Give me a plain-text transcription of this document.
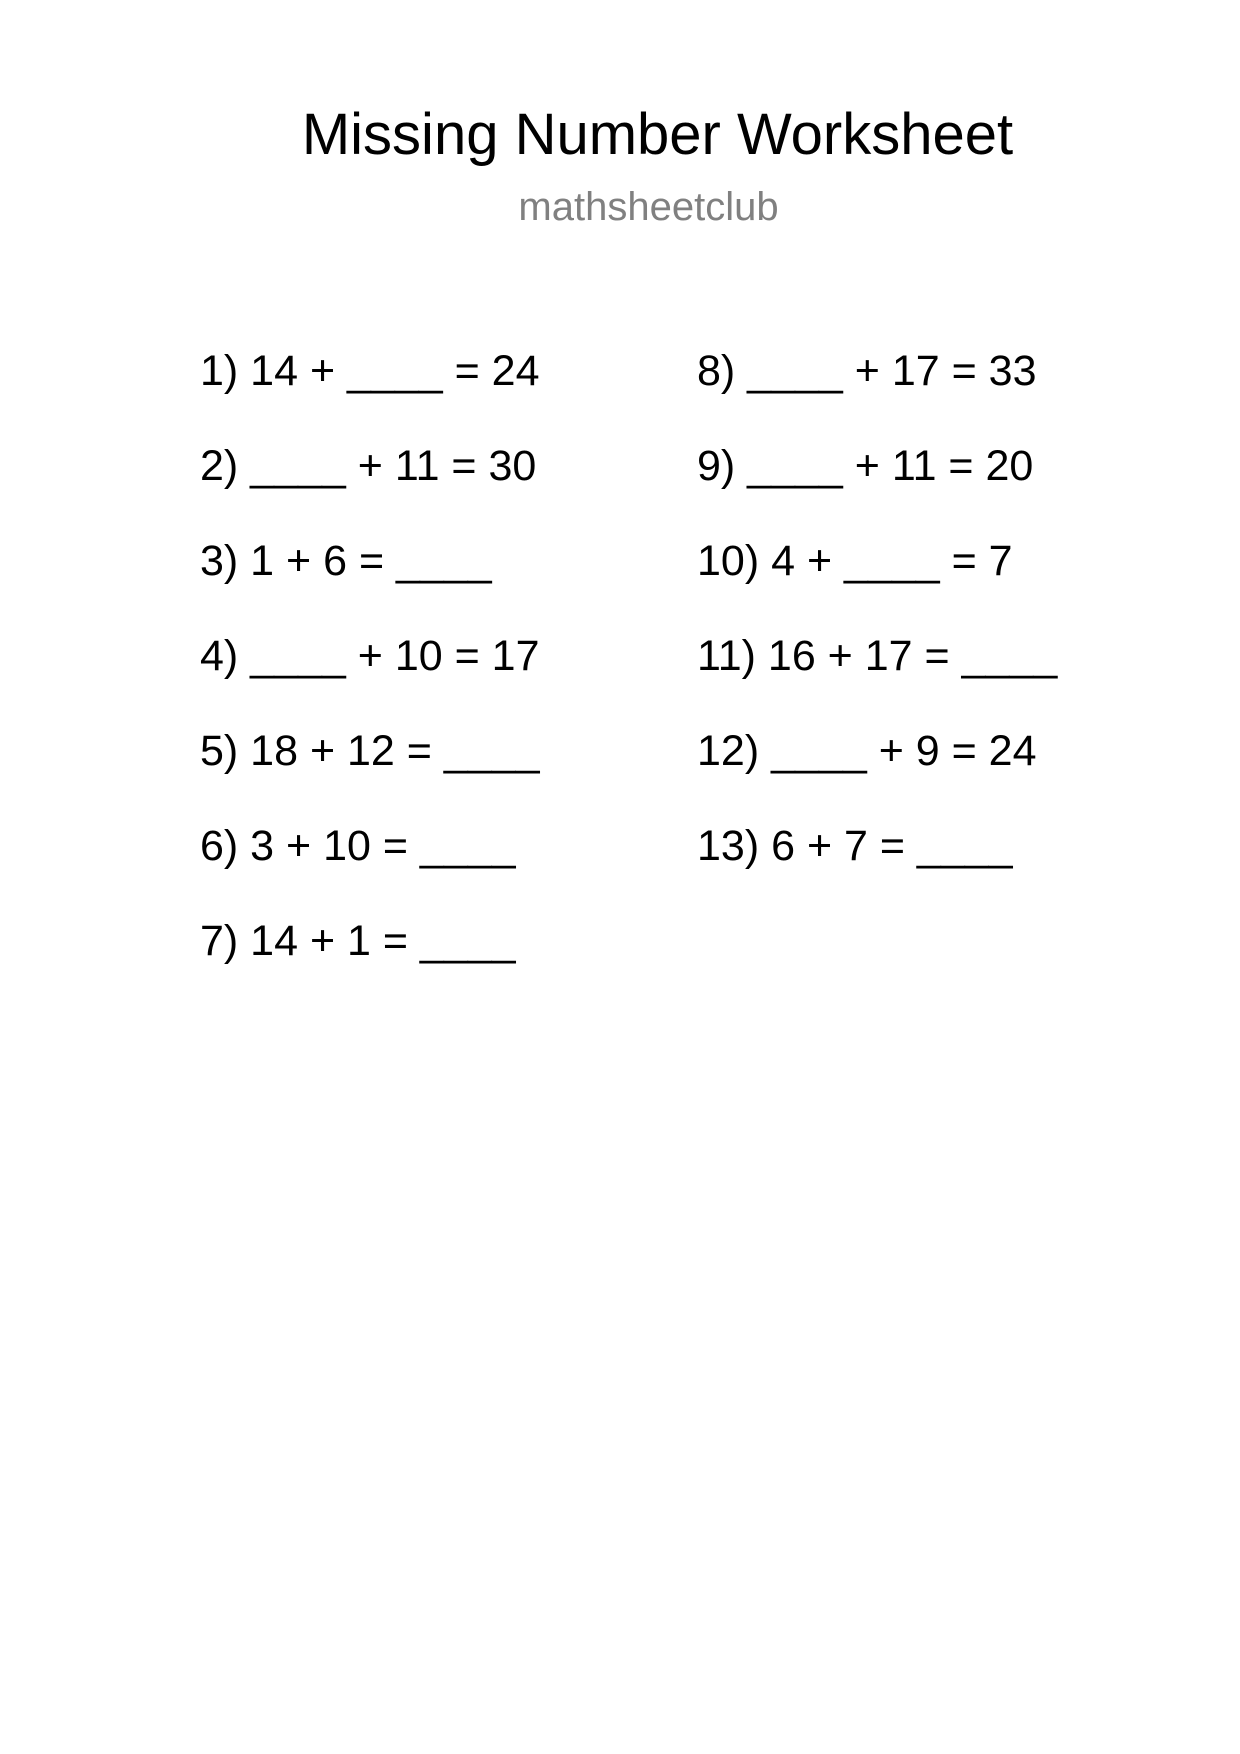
Missing Number Worksheet
mathsheetclub
1) 14 + ____ = 24
2) ____ + 11 = 30
3) 1 + 6 = ____
4) ____ + 10 = 17
5) 18 + 12 = ____
6) 3 + 10 = ____
7) 14 + 1 = ____
8) ____ + 17 = 33
9) ____ + 11 = 20
10) 4 + ____ = 7
11) 16 + 17 = ____
12) ____ + 9 = 24
13) 6 + 7 = ____
